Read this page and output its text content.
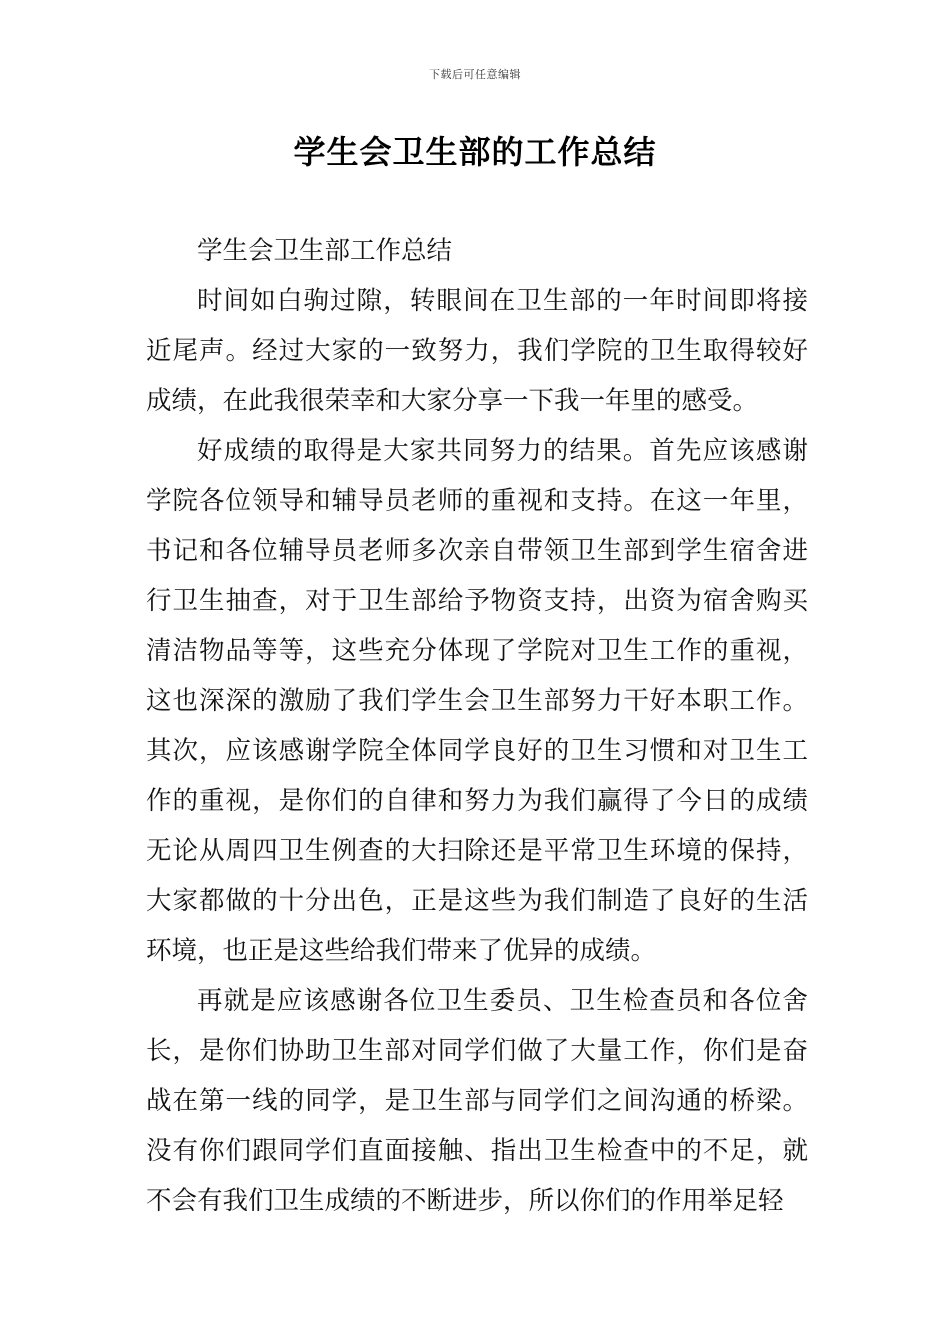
下载后可任意编辑
学生会卫生部的工作总结

学生会卫生部工作总结

时间如白驹过隙，转眼间在卫生部的一年时间即将接近尾声。经过大家的一致努力，我们学院的卫生取得较好成绩，在此我很荣幸和大家分享一下我一年里的感受。

好成绩的取得是大家共同努力的结果。首先应该感谢学院各位领导和辅导员老师的重视和支持。在这一年里，书记和各位辅导员老师多次亲自带领卫生部到学生宿舍进行卫生抽查，对于卫生部给予物资支持，出资为宿舍购买清洁物品等等，这些充分体现了学院对卫生工作的重视，这也深深的激励了我们学生会卫生部努力干好本职工作。其次，应该感谢学院全体同学良好的卫生习惯和对卫生工作的重视，是你们的自律和努力为我们赢得了今日的成绩无论从周四卫生例查的大扫除还是平常卫生环境的保持，大家都做的十分出色，正是这些为我们制造了良好的生活环境，也正是这些给我们带来了优异的成绩。

再就是应该感谢各位卫生委员、卫生检查员和各位舍长，是你们协助卫生部对同学们做了大量工作，你们是奋战在第一线的同学，是卫生部与同学们之间沟通的桥梁。没有你们跟同学们直面接触、指出卫生检查中的不足，就不会有我们卫生成绩的不断进步，所以你们的作用举足轻
